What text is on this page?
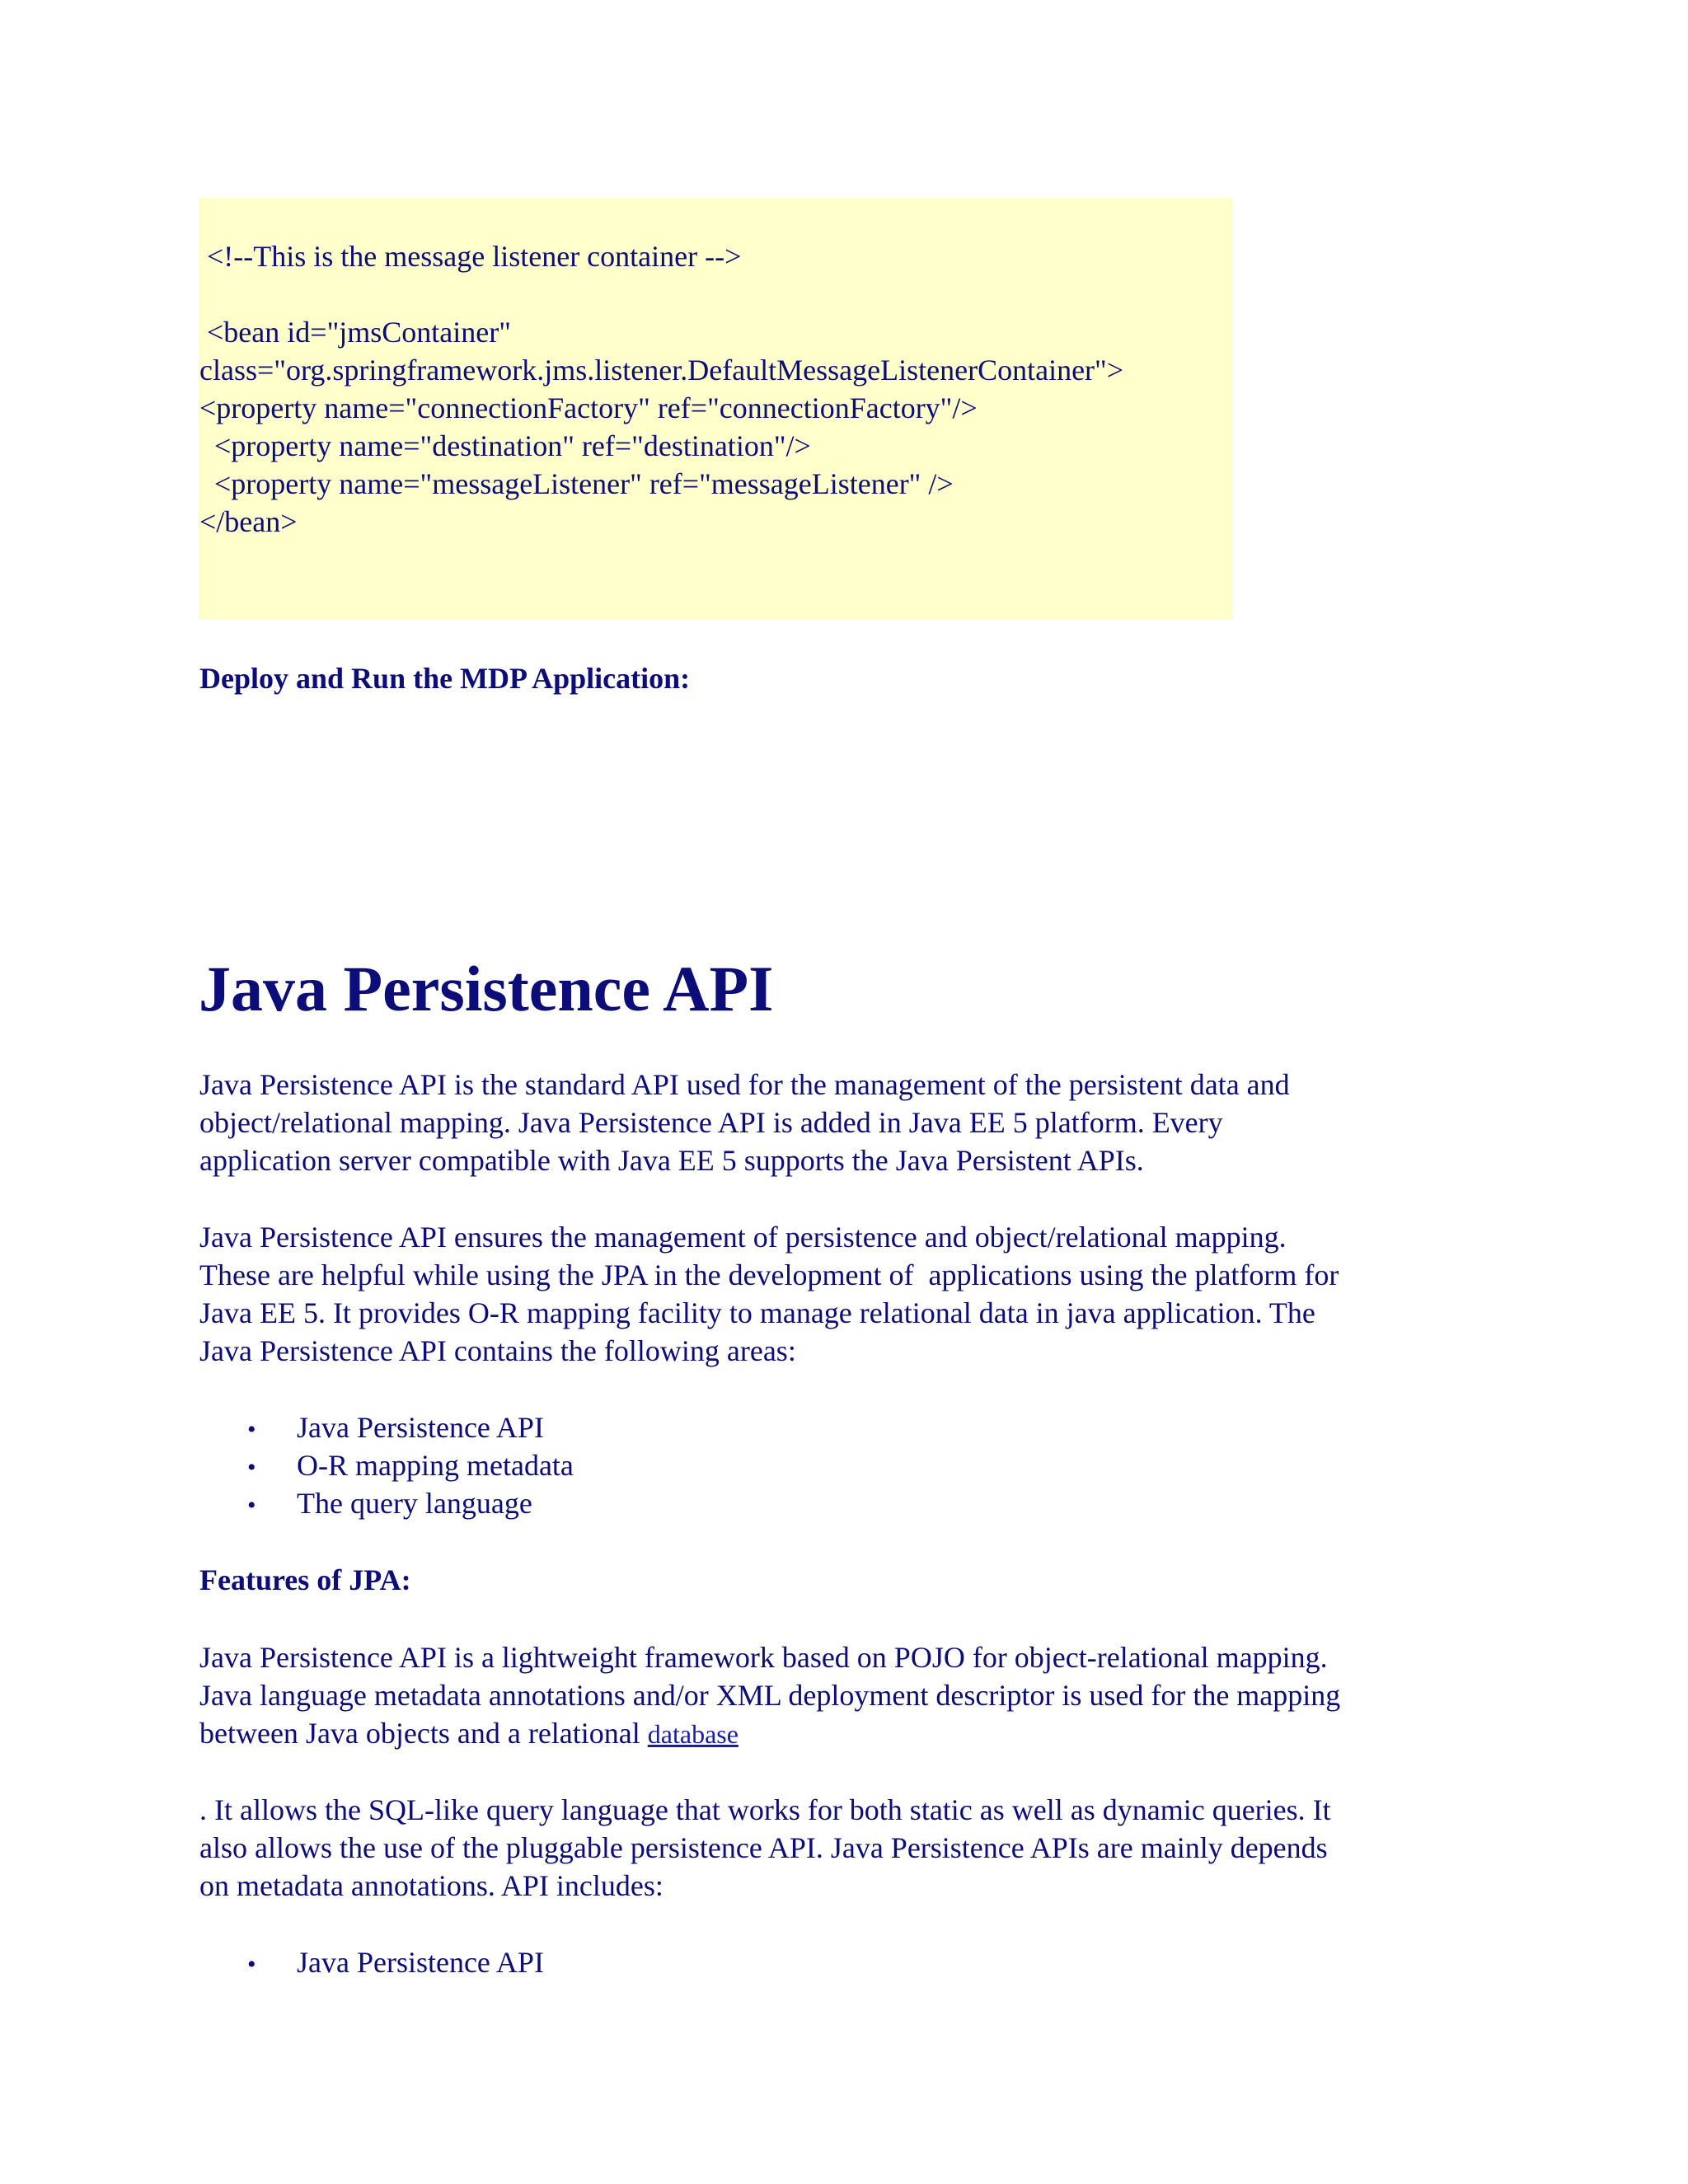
<!--This is the message listener container -->
<bean id="jmsContainer"
class="org.springframework.jms.listener.DefaultMessageListenerContainer">
<property name="connectionFactory" ref="connectionFactory"/>
<property name="destination" ref="destination"/>
<property name="messageListener" ref="messageListener" />
</bean>
Deploy and Run the MDP Application:
Java Persistence API
Java Persistence API is the standard API used for the management of the persistent data and
object/relational mapping. Java Persistence API is added in Java EE 5 platform. Every
application server compatible with Java EE 5 supports the Java Persistent APIs.
Java Persistence API ensures the management of persistence and object/relational mapping.
These are helpful while using the JPA in the development of  applications using the platform for
Java EE 5. It provides O-R mapping facility to manage relational data in java application. The
Java Persistence API contains the following areas:
• Java Persistence API
• O-R mapping metadata
• The query language
Features of JPA:
Java Persistence API is a lightweight framework based on POJO for object-relational mapping.
Java language metadata annotations and/or XML deployment descriptor is used for the mapping
between Java objects and a relational database
. It allows the SQL-like query language that works for both static as well as dynamic queries. It
also allows the use of the pluggable persistence API. Java Persistence APIs are mainly depends
on metadata annotations. API includes:
• Java Persistence API
